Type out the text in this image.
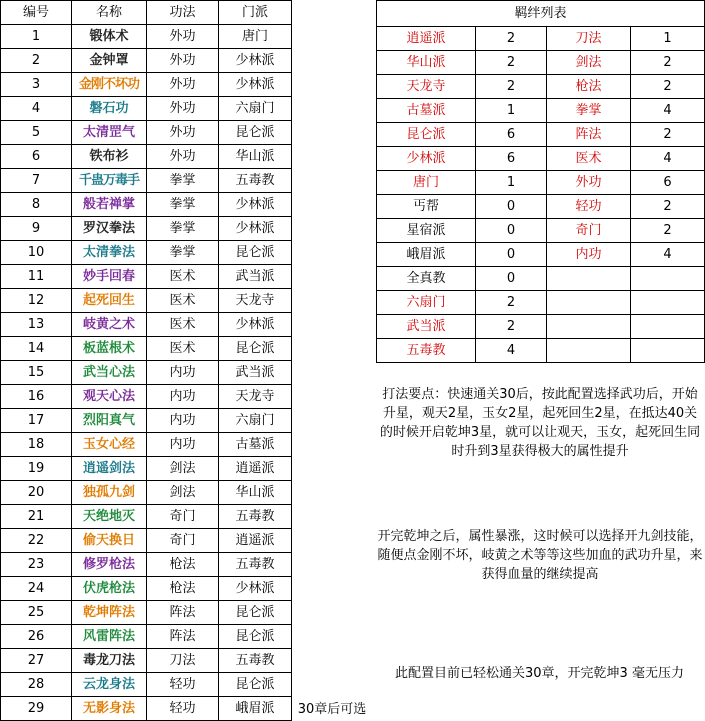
编号	名称	功法	门派
1	锻体术	外功	唐门
2	金钟罩	外功	少林派
3	金刚不坏功	外功	少林派
4	磐石功	外功	六扇门
5	太清罡气	外功	昆仑派
6	铁布衫	外功	华山派
7	千蛊万毒手	拳掌	五毒教
8	般若禅掌	拳掌	少林派
9	罗汉拳法	拳掌	少林派
10	太清拳法	拳掌	昆仑派
11	妙手回春	医术	武当派
12	起死回生	医术	天龙寺
13	岐黄之术	医术	少林派
14	板蓝根术	医术	昆仑派
15	武当心法	内功	武当派
16	观天心法	内功	天龙寺
17	烈阳真气	内功	六扇门
18	玉女心经	内功	古墓派
19	逍遥剑法	剑法	逍遥派
20	独孤九剑	剑法	华山派
21	天绝地灭	奇门	五毒教
22	偷天换日	奇门	逍遥派
23	修罗枪法	枪法	五毒教
24	伏虎枪法	枪法	少林派
25	乾坤阵法	阵法	昆仑派
26	风雷阵法	阵法	昆仑派
27	毒龙刀法	刀法	五毒教
28	云龙身法	轻功	昆仑派
29	无影身法	轻功	峨眉派	30章后可选
羁绊列表			
逍遥派	2	刀法	1
华山派	2	剑法	2
天龙寺	2	枪法	2
古墓派	1	拳掌	4
昆仑派	6	阵法	2
少林派	6	医术	4
唐门	1	外功	6
丐帮	0	轻功	2
星宿派	0	奇门	2
峨眉派	0	内功	4
全真教	0		
六扇门	2		
武当派	2		
五毒教	4		
打法要点：快速通关30后，按此配置选择武功后，开始升星，观天2星，玉女2星，起死回生2星，在抵达40关的时候开启乾坤3星，就可以让观天，玉女，起死回生同时升到3星获得极大的属性提升
开完乾坤之后，属性暴涨，这时候可以选择开九剑技能，随便点金刚不坏，岐黄之术等等这些加血的武功升星，来获得血量的继续提高
此配置目前已轻松通关30章，开完乾坤3 毫无压力
